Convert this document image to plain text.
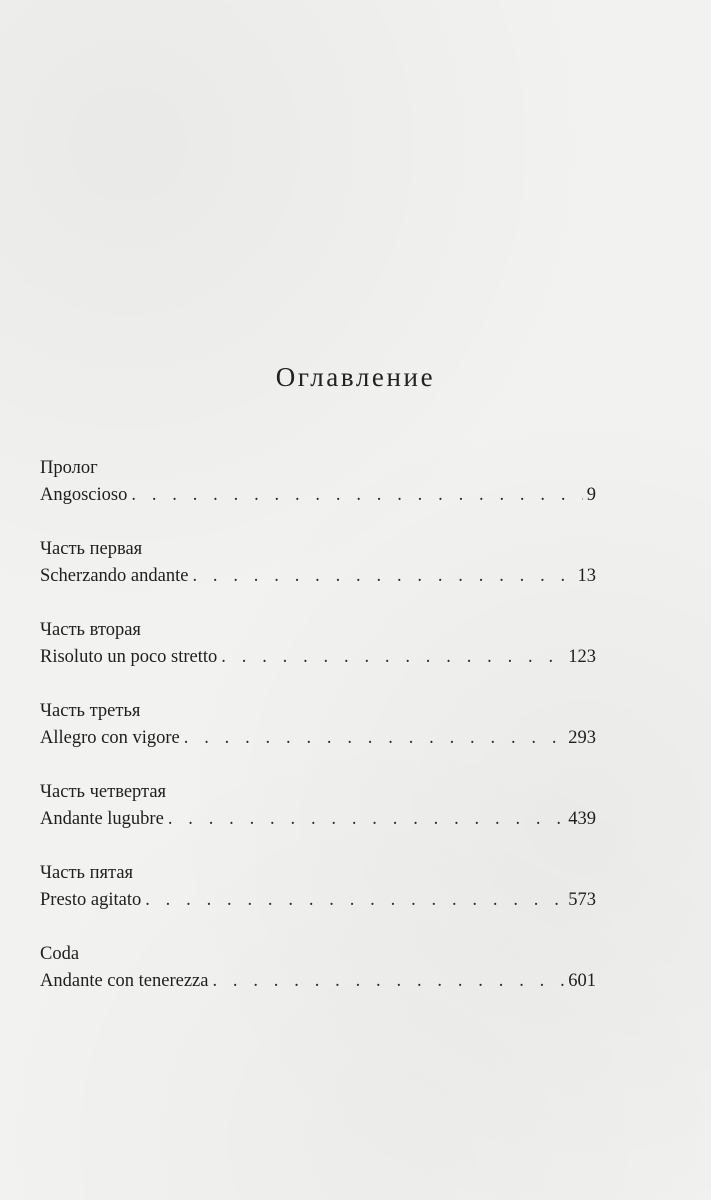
Оглавление
Пролог
Angoscioso . . .	9
Часть первая
Scherzando andante . . .	13
Часть вторая
Risoluto un poco stretto . . .	123
Часть третья
Allegro con vigore . . .	293
Часть четвертая
Andante lugubre . . .	439
Часть пятая
Presto agitato . . .	573
Coda
Andante con tenerezza . . .	601
